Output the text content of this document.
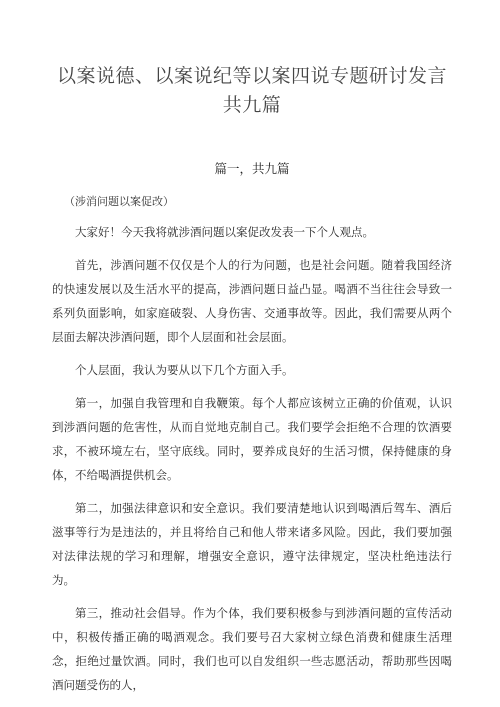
以案说德、以案说纪等以案四说专题研讨发言共九篇
篇一，共九篇

（涉消问题以案促改）

大家好！今天我将就涉酒问题以案促改发表一下个人观点。

首先，涉酒问题不仅仅是个人的行为问题，也是社会问题。随着我国经济的快速发展以及生活水平的提高，涉酒问题日益凸显。喝酒不当往往会导致一系列负面影响，如家庭破裂、人身伤害、交通事故等。因此，我们需要从两个层面去解决涉酒问题，即个人层面和社会层面。

个人层面，我认为要从以下几个方面入手。

第一，加强自我管理和自我鞭策。每个人都应该树立正确的价值观，认识到涉酒问题的危害性，从而自觉地克制自己。我们要学会拒绝不合理的饮酒要求，不被环境左右，坚守底线。同时，要养成良好的生活习惯，保持健康的身体，不给喝酒提供机会。

第二，加强法律意识和安全意识。我们要清楚地认识到喝酒后驾车、酒后滋事等行为是违法的，并且将给自己和他人带来诸多风险。因此，我们要加强对法律法规的学习和理解，增强安全意识，遵守法律规定，坚决杜绝违法行为。

第三，推动社会倡导。作为个体，我们要积极参与到涉酒问题的宣传活动中，积极传播正确的喝酒观念。我们要号召大家树立绿色消费和健康生活理念，拒绝过量饮酒。同时，我们也可以自发组织一些志愿活动，帮助那些因喝酒问题受伤的人，
